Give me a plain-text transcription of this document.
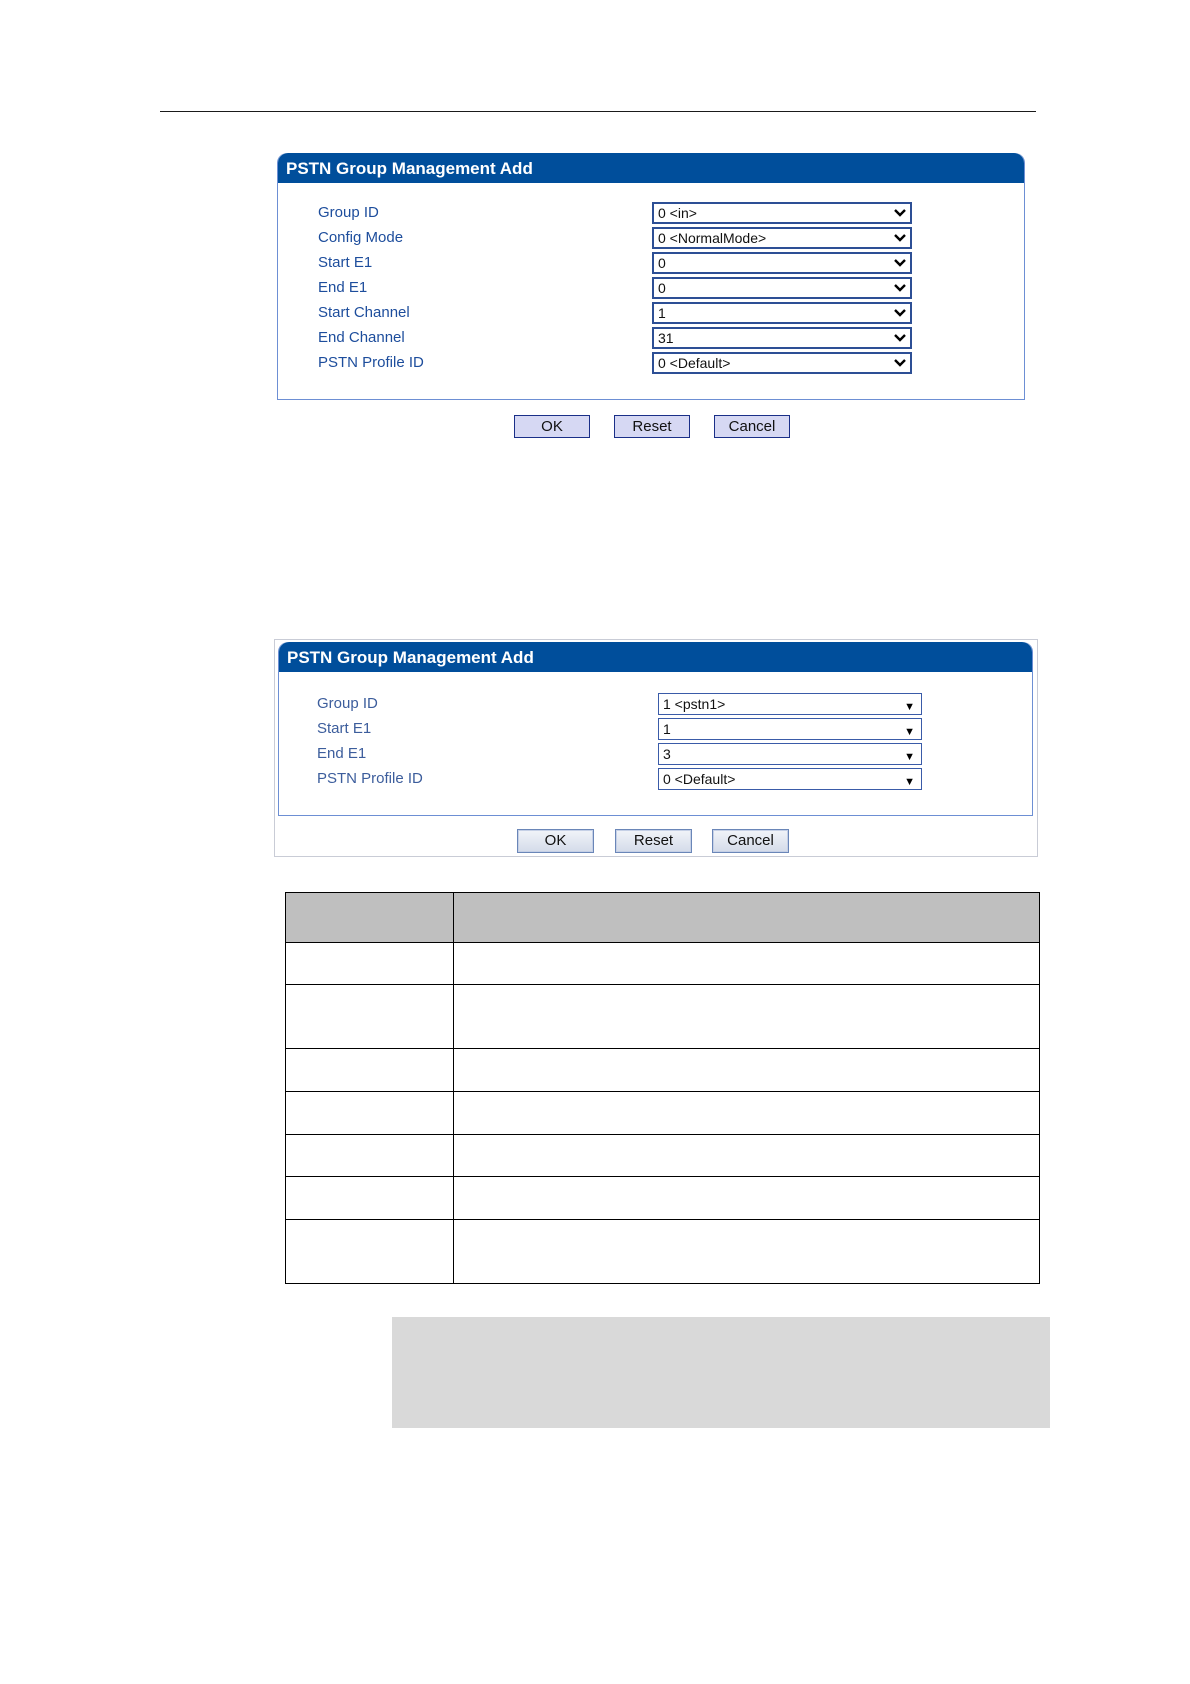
PSTN Group Management Add
Group ID	0 <in>
Config Mode	0 <NormalMode>
Start E1	0
End E1	0
Start Channel	1
End Channel	31
PSTN Profile ID	0 <Default>
OK	Reset	Cancel
PSTN Group Management Add
Group ID	1 <pstn1>	▼
Start E1	1	▼
End E1	3	▼
PSTN Profile ID	0 <Default>	▼
OK	Reset	Cancel
